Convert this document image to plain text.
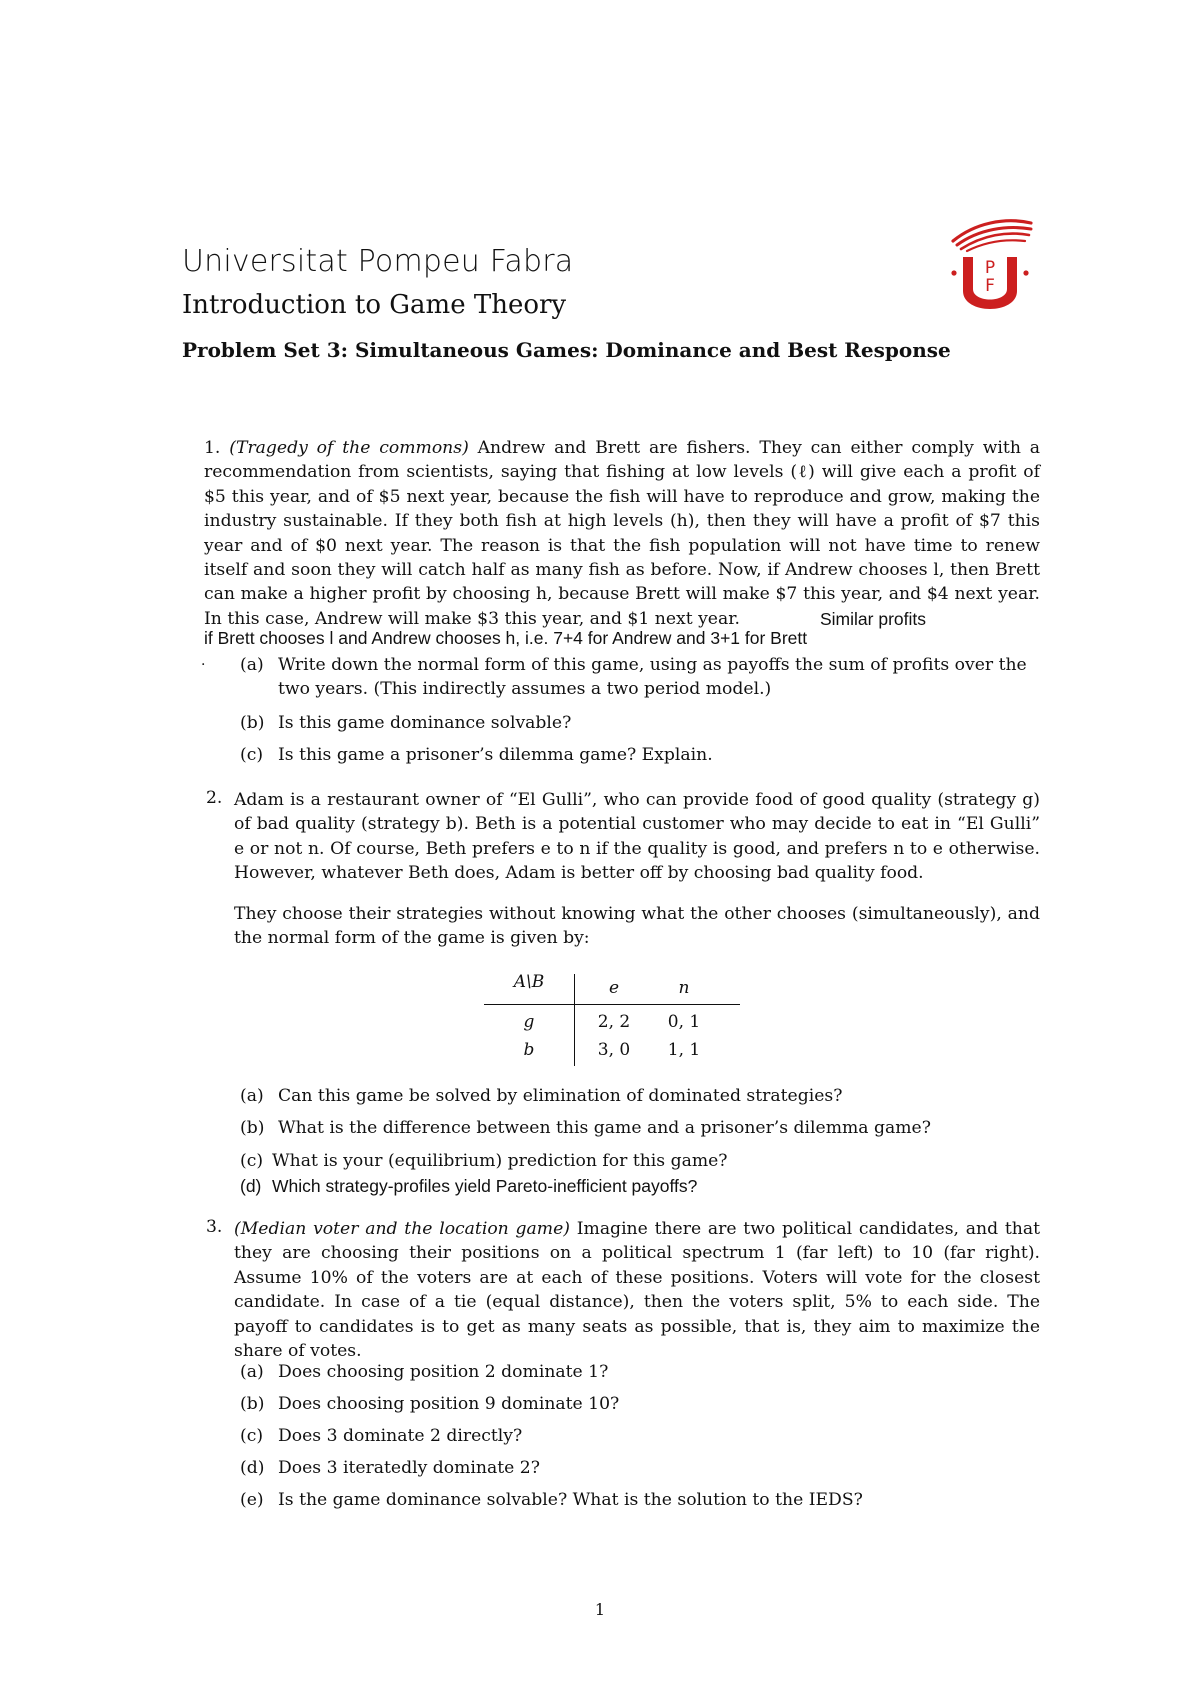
Universitat Pompeu Fabra
Introduction to Game Theory
Problem Set 3: Simultaneous Games: Dominance and Best Response
P
F
1. (Tragedy of the commons) Andrew and Brett are fishers. They can either comply with a recommendation from scientists, saying that fishing at low levels (ℓ) will give each a profit of $5 this year, and of $5 next year, because the fish will have to reproduce and grow, making the industry sustainable. If they both fish at high levels (h), then they will have a profit of $7 this year and of $0 next year. The reason is that the fish population will not have time to renew itself and soon they will catch half as many fish as before. Now, if Andrew chooses l, then Brett can make a higher profit by choosing h, because Brett will make $7 this year, and $4 next year. In this case, Andrew will make $3 this year, and $1 next year.	Similar profits
if Brett chooses l and Andrew chooses h, i.e. 7+4 for Andrew and 3+1 for Brett
· (a) Write down the normal form of this game, using as payoffs the sum of profits over the
two years. (This indirectly assumes a two period model.)
(b) Is this game dominance solvable?
(c) Is this game a prisoner’s dilemma game? Explain.
2. Adam is a restaurant owner of “El Gulli”, who can provide food of good quality (strategy g) of bad quality (strategy b). Beth is a potential customer who may decide to eat in “El Gulli” e or not n. Of course, Beth prefers e to n if the quality is good, and prefers n to e otherwise. However, whatever Beth does, Adam is better off by choosing bad quality food.
They choose their strategies without knowing what the other chooses (simultaneously), and the normal form of the game is given by:
A\B	e	n
g	2, 2	0, 1
b	3, 0	1, 1
(a) Can this game be solved by elimination of dominated strategies?
(b) What is the difference between this game and a prisoner’s dilemma game?
(c) What is your (equilibrium) prediction for this game?
(d) Which strategy-profiles yield Pareto-inefficient payoffs?
3. (Median voter and the location game) Imagine there are two political candidates, and that they are choosing their positions on a political spectrum 1 (far left) to 10 (far right). Assume 10% of the voters are at each of these positions. Voters will vote for the closest candidate. In case of a tie (equal distance), then the voters split, 5% to each side. The payoff to candidates is to get as many seats as possible, that is, they aim to maximize the share of votes.
(a) Does choosing position 2 dominate 1?
(b) Does choosing position 9 dominate 10?
(c) Does 3 dominate 2 directly?
(d) Does 3 iteratedly dominate 2?
(e) Is the game dominance solvable? What is the solution to the IEDS?
1
